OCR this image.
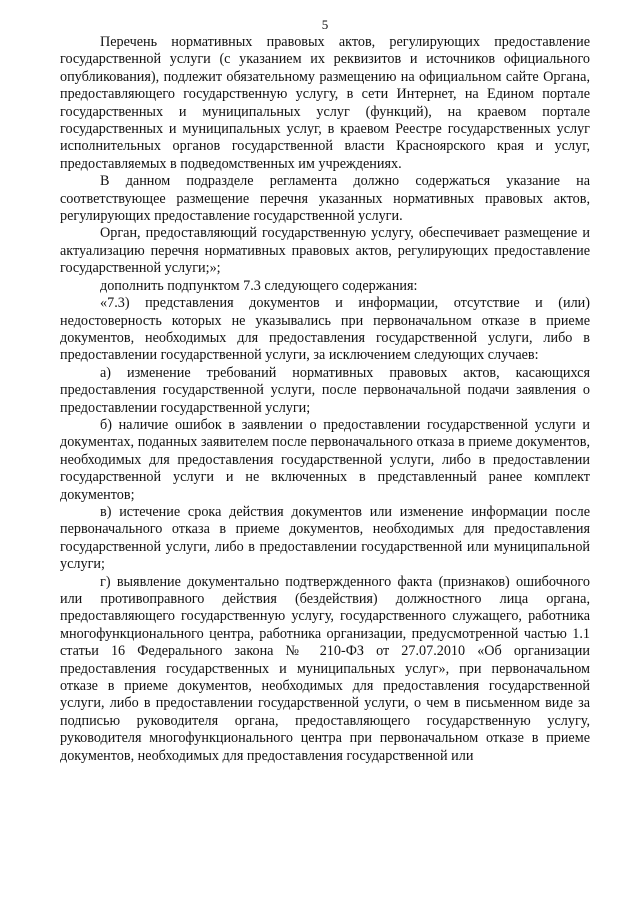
5

Перечень нормативных правовых актов, регулирующих предоставление государственной услуги (с указанием их реквизитов и источников официального опубликования), подлежит обязательному размещению на официальном сайте Органа, предоставляющего государственную услугу, в сети Интернет, на Едином портале государственных и муниципальных услуг (функций), на краевом портале государственных и муниципальных услуг, в краевом Реестре государственных услуг исполнительных органов государственной власти Красноярского края и услуг, предоставляемых в подведомственных им учреждениях.

В данном подразделе регламента должно содержаться указание на соответствующее размещение перечня указанных нормативных правовых актов, регулирующих предоставление государственной услуги.

Орган, предоставляющий государственную услугу, обеспечивает размещение и актуализацию перечня нормативных правовых актов, регулирующих предоставление государственной услуги;»;

дополнить подпунктом 7.3 следующего содержания:

«7.3) представления документов и информации, отсутствие и (или) недостоверность которых не указывались при первоначальном отказе в приеме документов, необходимых для предоставления государственной услуги, либо в предоставлении государственной услуги, за исключением следующих случаев:

а) изменение требований нормативных правовых актов, касающихся предоставления государственной услуги, после первоначальной подачи заявления о предоставлении государственной услуги;

б) наличие ошибок в заявлении о предоставлении государственной услуги и документах, поданных заявителем после первоначального отказа в приеме документов, необходимых для предоставления государственной услуги, либо в предоставлении государственной услуги и не включенных в представленный ранее комплект документов;

в) истечение срока действия документов или изменение информации после первоначального отказа в приеме документов, необходимых для предоставления государственной услуги, либо в предоставлении государственной или муниципальной услуги;

г) выявление документально подтвержденного факта (признаков) ошибочного или противоправного действия (бездействия) должностного лица органа, предоставляющего государственную услугу, государственного служащего, работника многофункционального центра, работника организации, предусмотренной частью 1.1 статьи 16 Федерального закона № 210-ФЗ от 27.07.2010 «Об организации предоставления государственных и муниципальных услуг», при первоначальном отказе в приеме документов, необходимых для предоставления государственной услуги, либо в предоставлении государственной услуги, о чем в письменном виде за подписью руководителя органа, предоставляющего государственную услугу, руководителя многофункционального центра при первоначальном отказе в приеме документов, необходимых для предоставления государственной или
